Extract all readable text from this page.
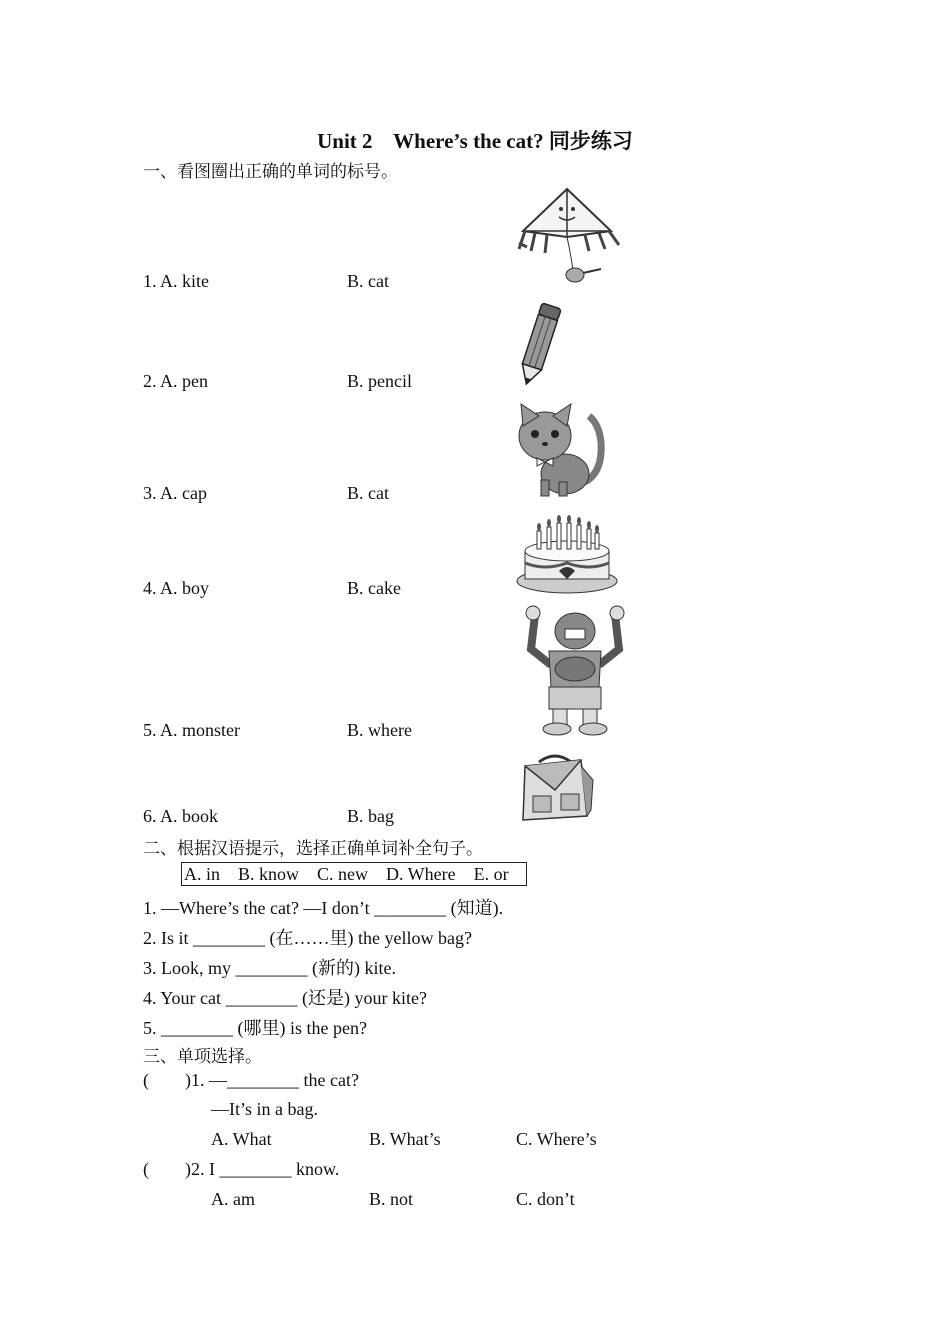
Unit 2    Where’s the cat? 同步练习
一、看图圈出正确的单词的标号。
1. A. kite	B. cat
2. A. pen	B. pencil
3. A. cap	B. cat
4. A. boy	B. cake
5. A. monster	B. where
6. A. book	B. bag
二、根据汉语提示，选择正确单词补全句子。
A. in    B. know    C. new    D. Where    E. or
1. —Where’s the cat? —I don’t ________ (知道).
2. Is it ________ (在……里) the yellow bag?
3. Look, my ________ (新的) kite.
4. Your cat ________ (还是) your kite?
5. ________ (哪里) is the pen?
三、单项选择。
(        )1. —________ the cat?
—It’s in a bag.
A. What	B. What’s	C. Where’s
(        )2. I ________ know.
A. am	B. not	C. don’t
